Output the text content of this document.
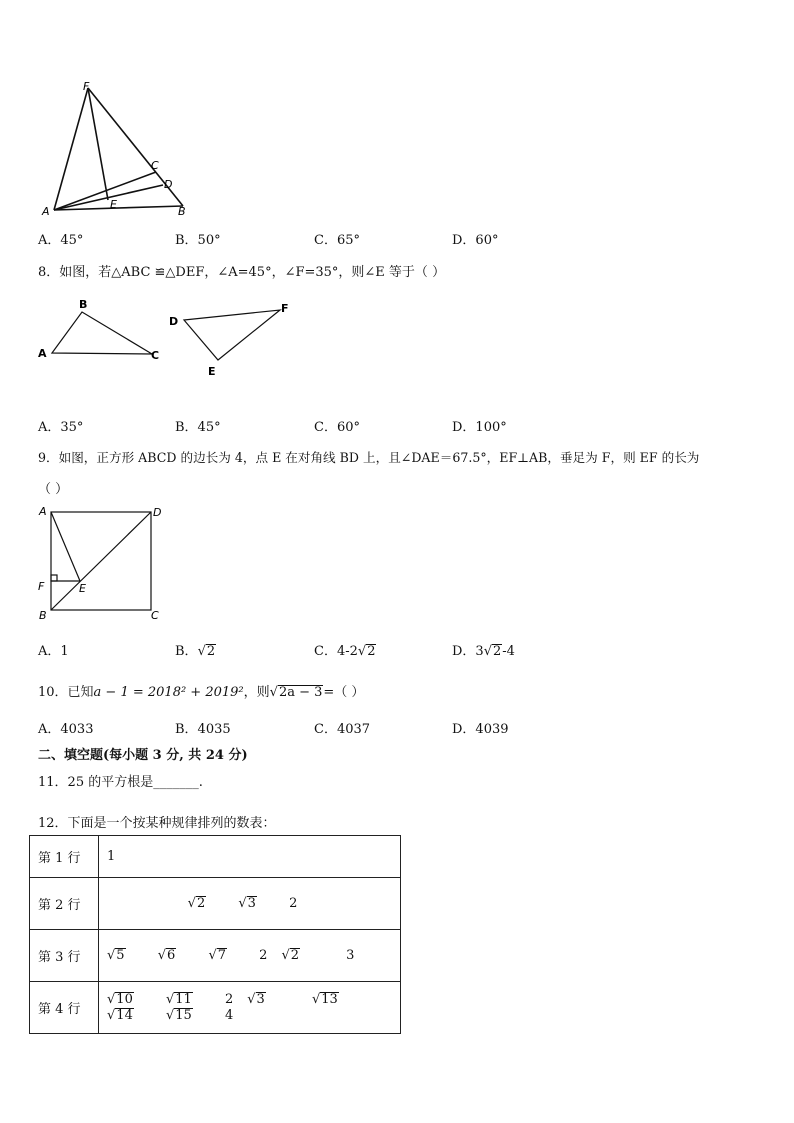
F
C
D
A
E
B
A．45°	B．50°	C．65°	D．60°
8．如图，若△ABC ≌△DEF，∠A=45°，∠F=35°，则∠E 等于（ ）
A
B
C
D
F
E
A．35°	B．45°	C．60°	D．100°
9．如图，正方形 ABCD 的边长为 4，点 E 在对角线 BD 上，且∠DAE＝67.5°，EF⊥AB，垂足为 F，则 EF 的长为
（ ）
A	D
F	E
B	C
A．1	B．√2	C．4-2√2	D．3√2-4
10．已知a − 1 = 2018² + 2019²，则√2a − 3=（ ）
A．4033	B．4035	C．4037	D．4039
二、填空题(每小题 3 分, 共 24 分)
11．25 的平方根是_______.
12．下面是一个按某种规律排列的数表：
第 1 行	1
第 2 行	√2 √3 2
第 3 行	√5 √6 √7 2 √2 3
第 4 行	√10 √11 2 √3 √13 √14 √15 4
